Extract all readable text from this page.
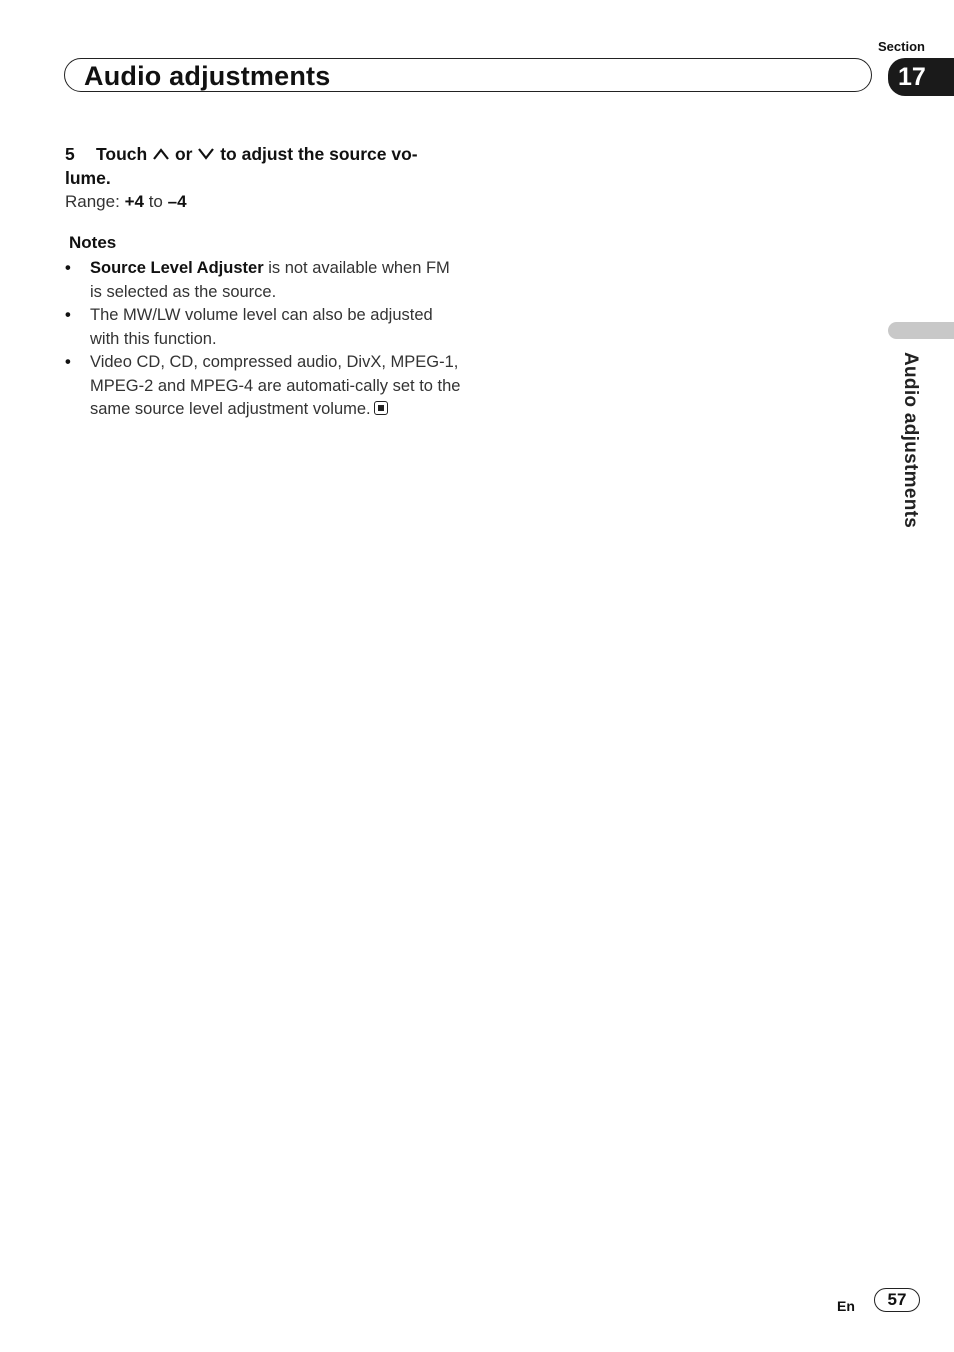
Section
Audio adjustments	17
5 Touch or to adjust the source vo-
lume.
Range: +4 to –4
Notes
• Source Level Adjuster is not available when FM is selected as the source.
• The MW/LW volume level can also be adjusted with this function.
• Video CD, CD, compressed audio, DivX, MPEG-1, MPEG-2 and MPEG-4 are automati-cally set to the same source level adjustment volume.	Audio adjustments
En	57
